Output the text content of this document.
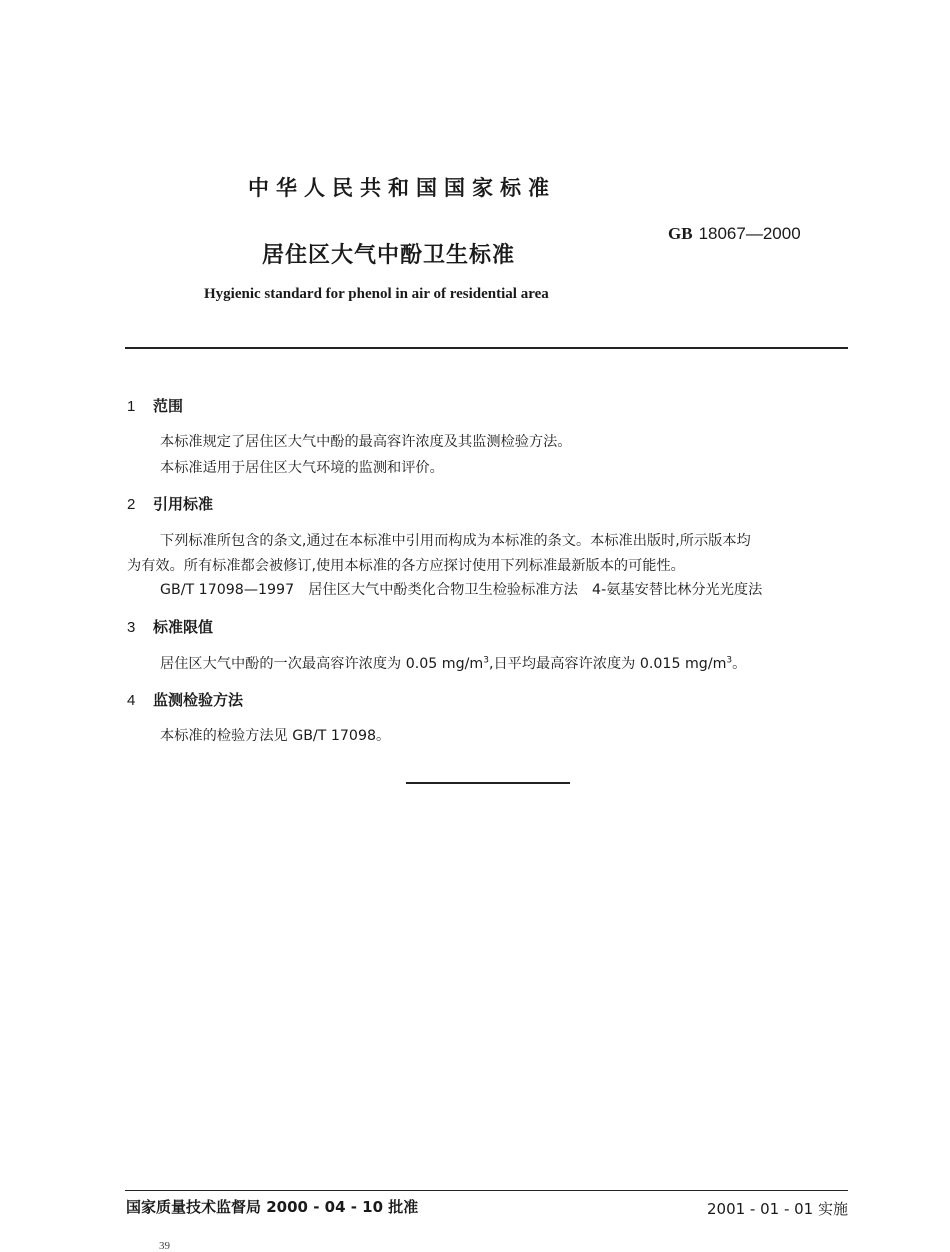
中华人民共和国国家标准
GB 18067—2000
居住区大气中酚卫生标准
Hygienic standard for phenol in air of residential area
1 范围
本标准规定了居住区大气中酚的最高容许浓度及其监测检验方法。
本标准适用于居住区大气环境的监测和评价。
2 引用标准
下列标准所包含的条文,通过在本标准中引用而构成为本标准的条文。本标准出版时,所示版本均
为有效。所有标准都会被修订,使用本标准的各方应探讨使用下列标准最新版本的可能性。
GB/T 17098—1997　居住区大气中酚类化合物卫生检验标准方法　4-氨基安替比林分光光度法
3 标准限值
居住区大气中酚的一次最高容许浓度为 0.05 $mg/m^3$,日平均最高容许浓度为 0.015 $mg/m^3$。
4 监测检验方法
本标准的检验方法见 GB/T 17098。
国家质量技术监督局 2000 - 04 - 10 批准	2001 - 01 - 01 实施
39
